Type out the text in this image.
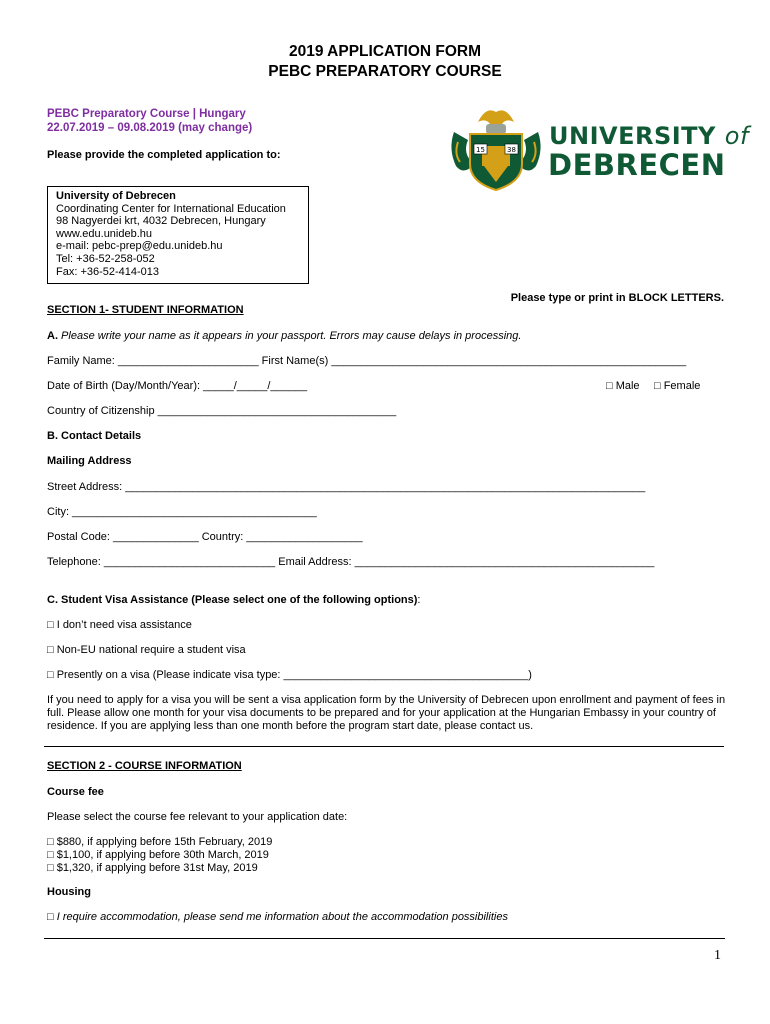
2019 APPLICATION FORM
PEBC PREPARATORY COURSE
PEBC Preparatory Course | Hungary
22.07.2019 – 09.08.2019 (may change)
Please provide the completed application to:	15	38 UNIVERSITY of
DEBRECEN
University of Debrecen
Coordinating Center for International Education
98 Nagyerdei krt, 4032 Debrecen, Hungary
www.edu.unideb.hu
e-mail: pebc-prep@edu.unideb.hu
Tel: +36-52-258-052
Fax: +36-52-414-013
Please type or print in BLOCK LETTERS.
SECTION 1- STUDENT INFORMATION
A. Please write your name as it appears in your passport. Errors may cause delays in processing.
Family Name: _______________________ First Name(s) __________________________________________________________
Date of Birth (Day/Month/Year): _____/_____/______	□ Male □ Female
Country of Citizenship _______________________________________
B. Contact Details
Mailing Address
Street Address: _____________________________________________________________________________________
City: ________________________________________
Postal Code: ______________ Country: ___________________
Telephone: ____________________________ Email Address: _________________________________________________
C. Student Visa Assistance (Please select one of the following options):
□ I don’t need visa assistance
□ Non-EU national require a student visa
□ Presently on a visa (Please indicate visa type: ________________________________________)
If you need to apply for a visa you will be sent a visa application form by the University of Debrecen upon enrollment and payment of fees in full. Please allow one month for your visa documents to be prepared and for your application at the Hungarian Embassy in your country of residence. If you are applying less than one month before the program start date, please contact us.
SECTION 2 - COURSE INFORMATION
Course fee
Please select the course fee relevant to your application date:
□ $880, if applying before 15th February, 2019
□ $1,100, if applying before 30th March, 2019
□ $1,320, if applying before 31st May, 2019
Housing
□ I require accommodation, please send me information about the accommodation possibilities
1
